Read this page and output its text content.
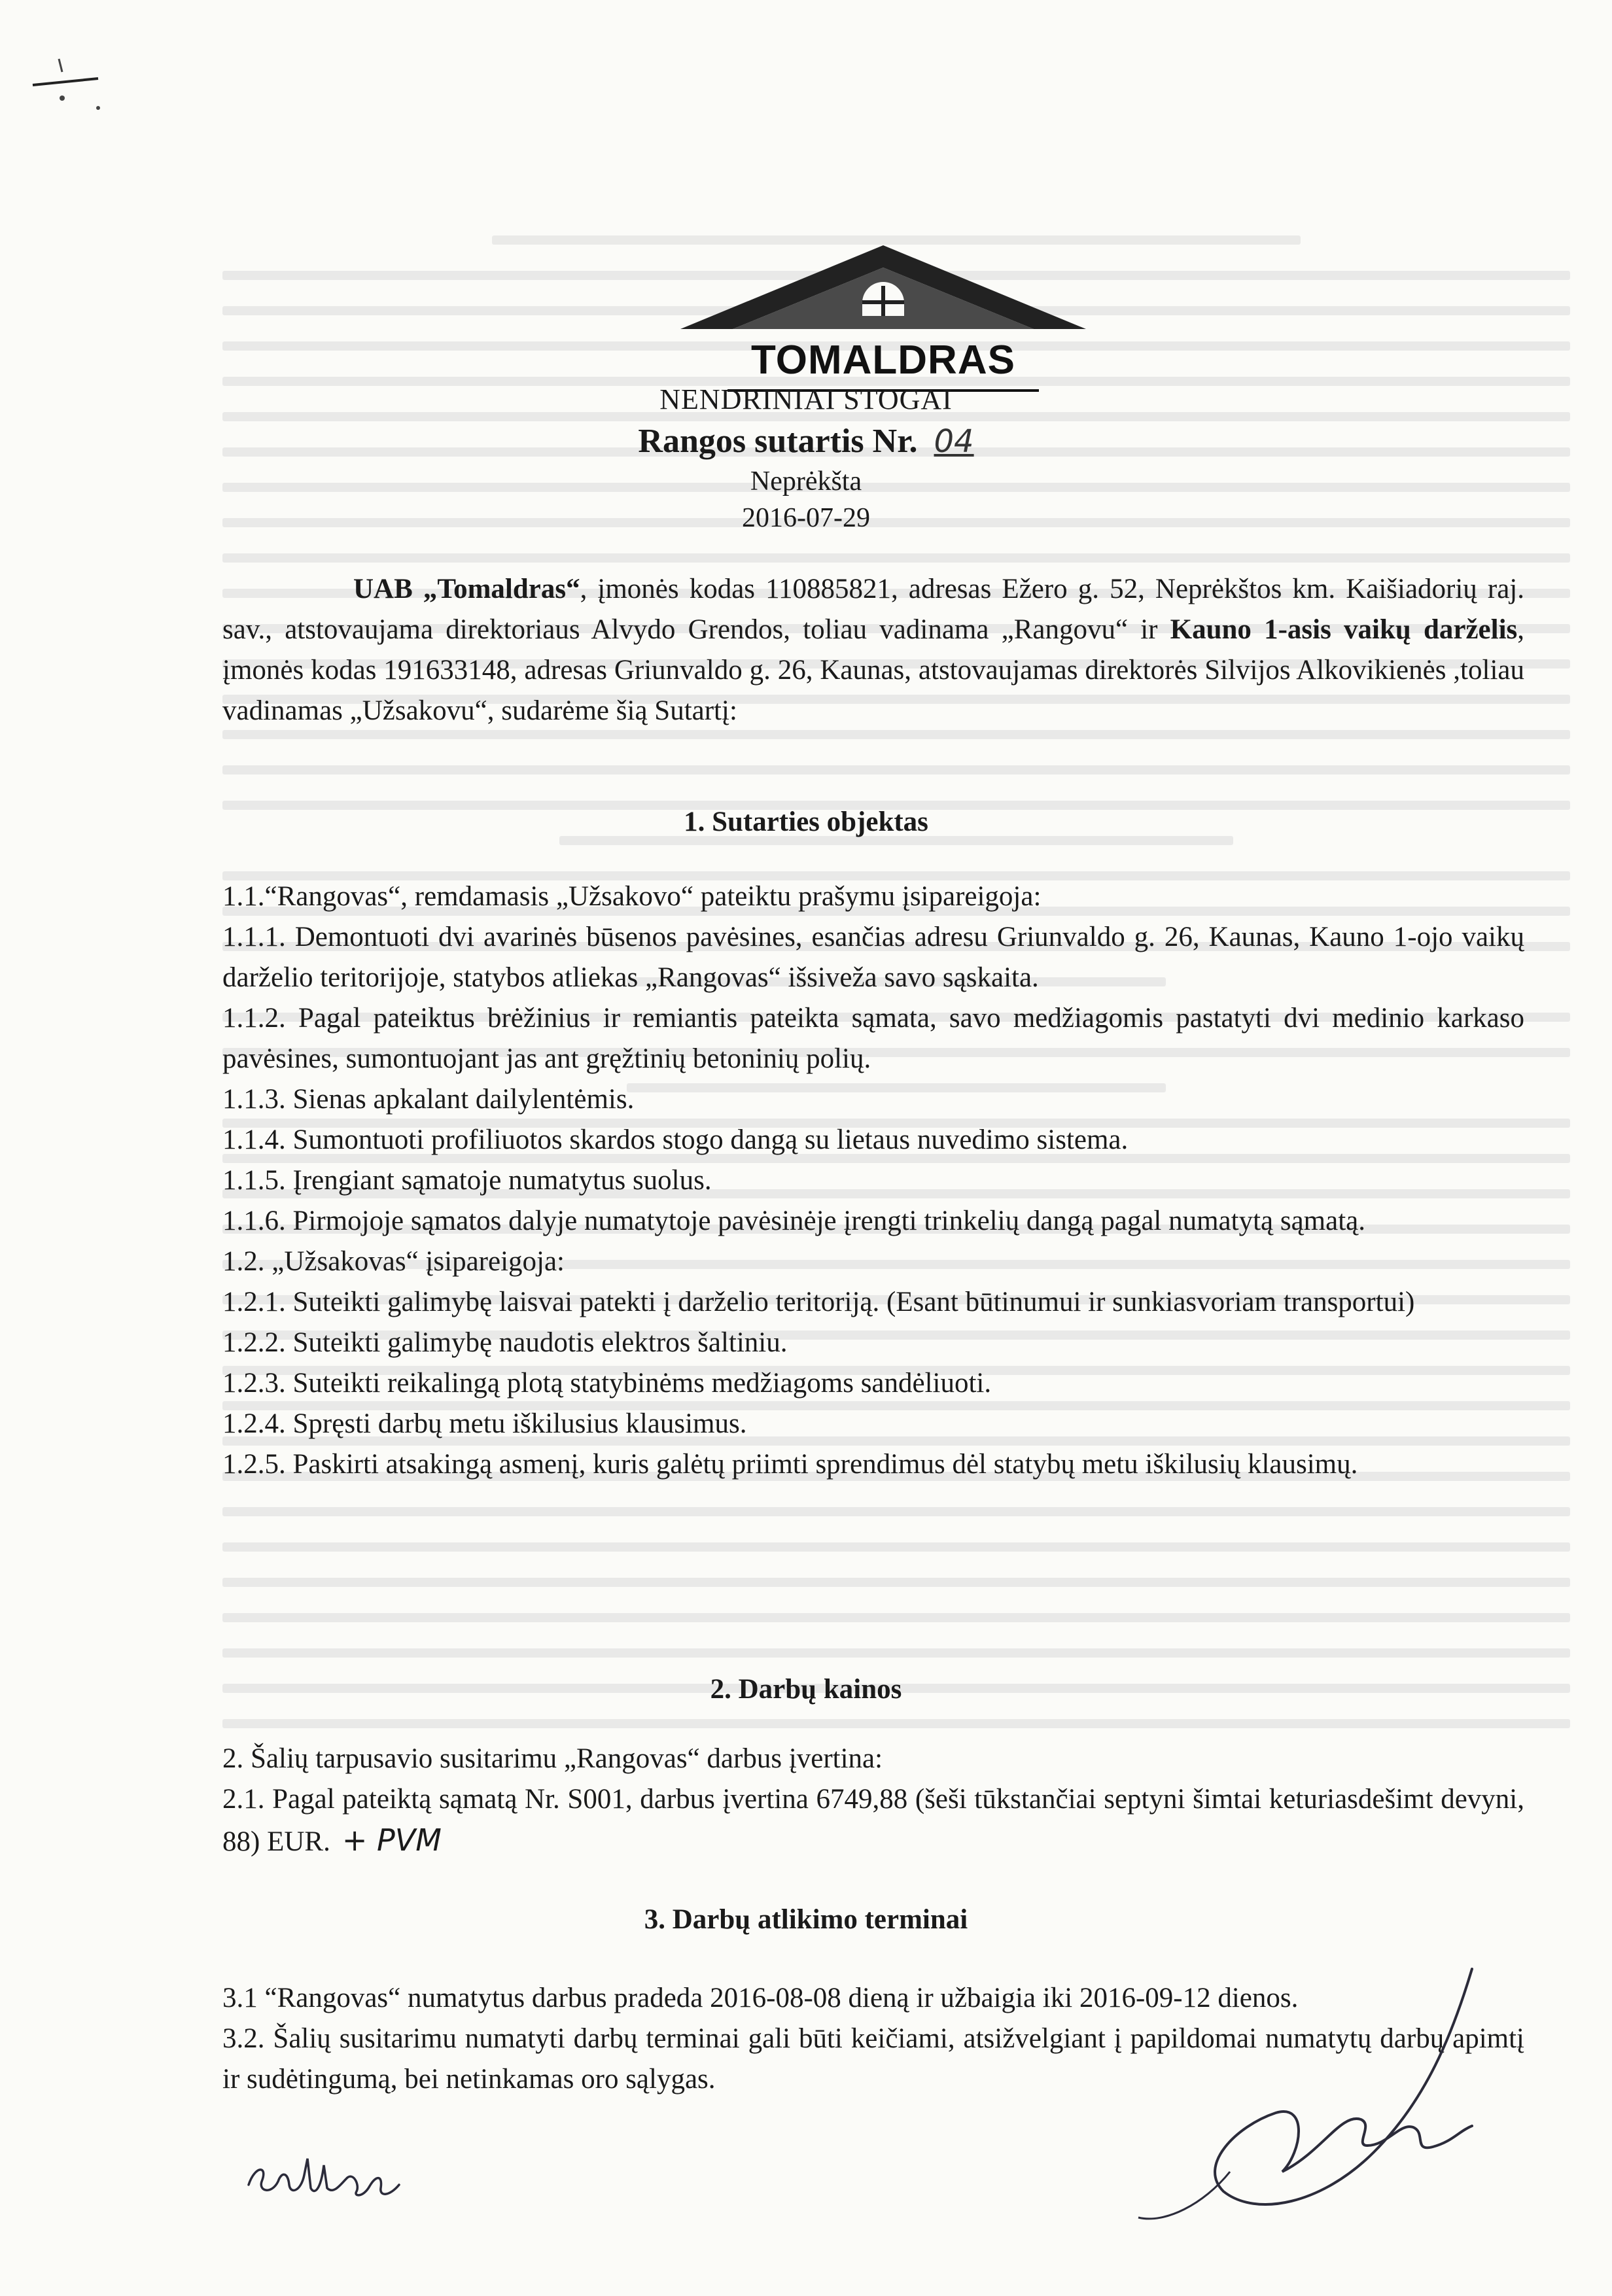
TOMALDRAS
NENDRINIAI STOGAI
Rangos sutartis Nr. 04
Neprėkšta
2016-07-29

UAB „Tomaldras“, įmonės kodas 110885821, adresas Ežero g. 52, Neprėkštos km. Kaišiadorių raj. sav., atstovaujama direktoriaus Alvydo Grendos, toliau vadinama „Rangovu“ ir Kauno 1-asis vaikų darželis, įmonės kodas 191633148, adresas Griunvaldo g. 26, Kaunas, atstovaujamas direktorės Silvijos Alkovikienės ,toliau vadinamas „Užsakovu“, sudarėme šią Sutartį:

1. Sutarties objektas

1.1.“Rangovas“, remdamasis „Užsakovo“ pateiktu prašymu įsipareigoja:

1.1.1. Demontuoti dvi avarinės būsenos pavėsines, esančias adresu Griunvaldo g. 26, Kaunas, Kauno 1-ojo vaikų darželio teritorijoje, statybos atliekas „Rangovas“ išsiveža savo sąskaita.

1.1.2. Pagal pateiktus brėžinius ir remiantis pateikta sąmata, savo medžiagomis pastatyti dvi medinio karkaso pavėsines, sumontuojant jas ant gręžtinių betoninių polių.

1.1.3. Sienas apkalant dailylentėmis.

1.1.4. Sumontuoti profiliuotos skardos stogo dangą su lietaus nuvedimo sistema.

1.1.5. Įrengiant sąmatoje numatytus suolus.

1.1.6. Pirmojoje sąmatos dalyje numatytoje pavėsinėje įrengti trinkelių dangą pagal numatytą sąmatą.

1.2. „Užsakovas“ įsipareigoja:

1.2.1. Suteikti galimybę laisvai patekti į darželio teritoriją. (Esant būtinumui ir sunkiasvoriam transportui)

1.2.2. Suteikti galimybę naudotis elektros šaltiniu.

1.2.3. Suteikti reikalingą plotą statybinėms medžiagoms sandėliuoti.

1.2.4. Spręsti darbų metu iškilusius klausimus.

1.2.5. Paskirti atsakingą asmenį, kuris galėtų priimti sprendimus dėl statybų metu iškilusių klausimų.

2. Darbų kainos

2. Šalių tarpusavio susitarimu „Rangovas“ darbus įvertina:

2.1. Pagal pateiktą sąmatą Nr. S001, darbus įvertina 6749,88 (šeši tūkstančiai septyni šimtai keturiasdešimt devyni, 88) EUR. + PVM

3. Darbų atlikimo terminai

3.1 “Rangovas“ numatytus darbus pradeda 2016-08-08 dieną ir užbaigia iki 2016-09-12 dienos.

3.2. Šalių susitarimu numatyti darbų terminai gali būti keičiami, atsižvelgiant į papildomai numatytų darbų apimtį ir sudėtingumą, bei netinkamas oro sąlygas.
